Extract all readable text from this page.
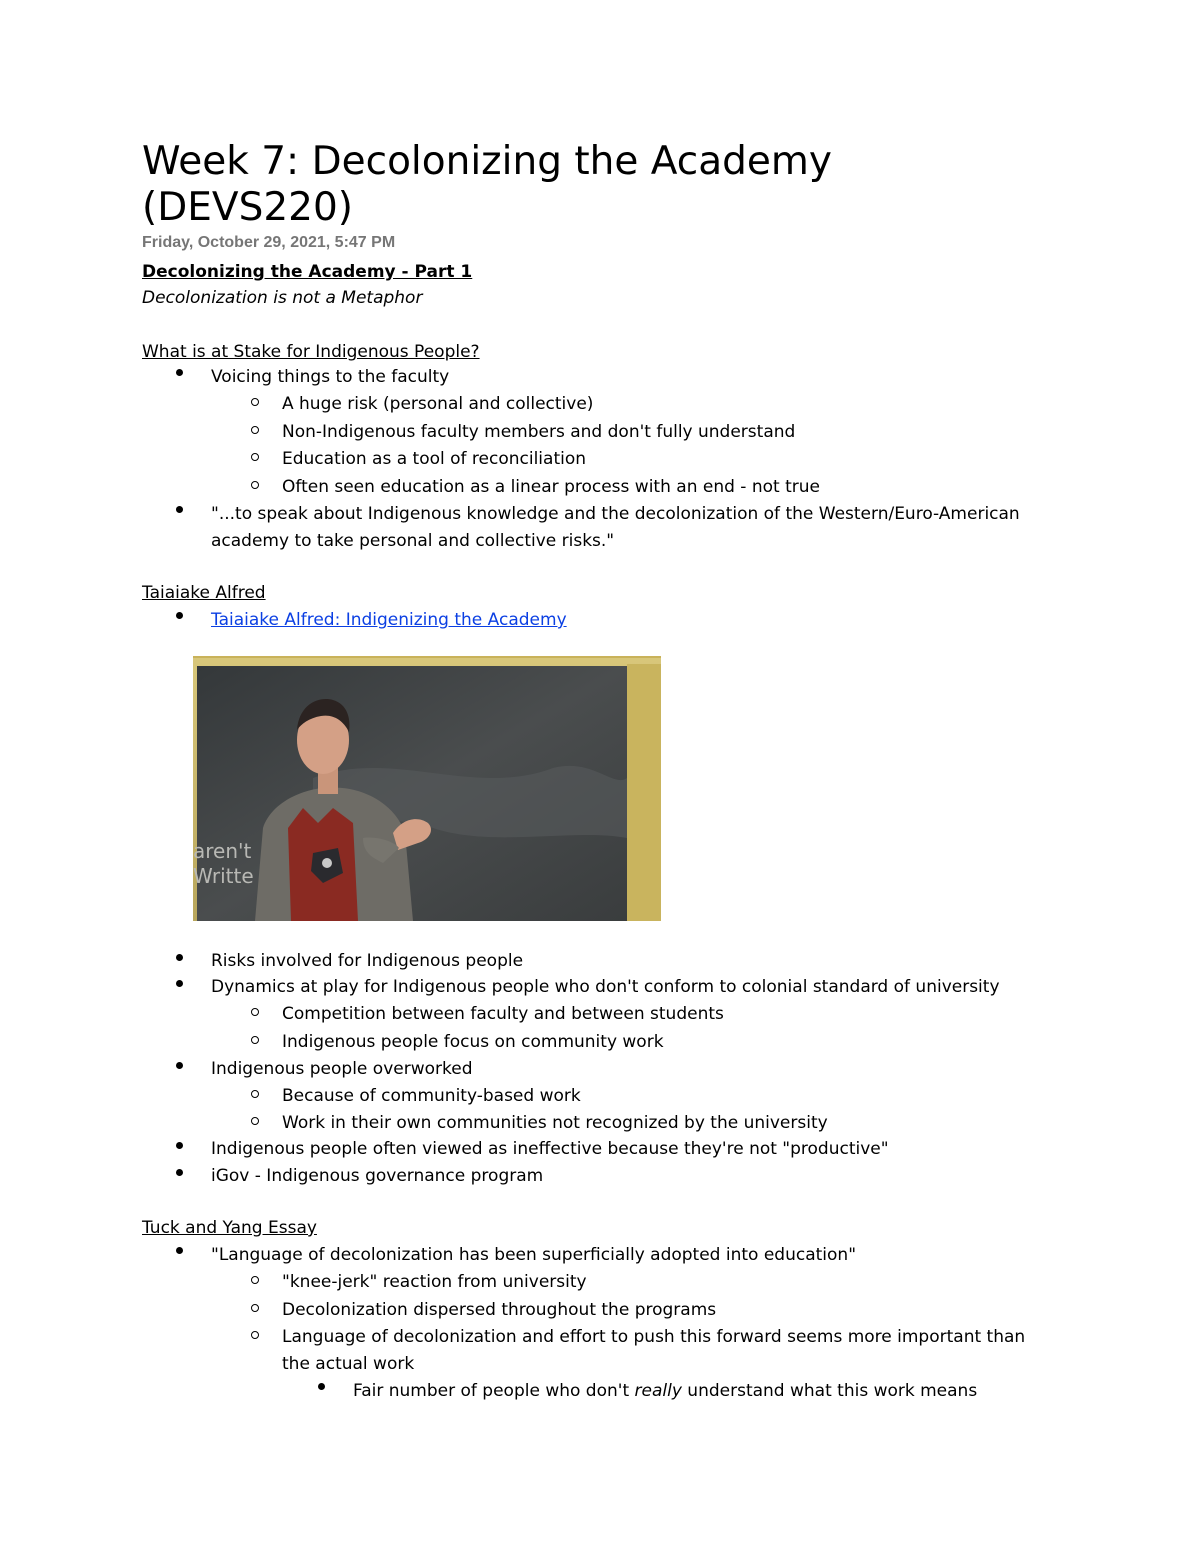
Week 7: Decolonizing the Academy
(DEVS220)
Friday, October 29, 2021, 5:47 PM
Decolonizing the Academy - Part 1
Decolonization is not a Metaphor
What is at Stake for Indigenous People?
Voicing things to the faculty
A huge risk (personal and collective)
Non-Indigenous faculty members and don't fully understand
Education as a tool of reconciliation
Often seen education as a linear process with an end - not true
"...to speak about Indigenous knowledge and the decolonization of the Western/Euro-American
academy to take personal and collective risks."
Taiaiake Alfred
Taiaiake Alfred: Indigenizing the Academy
aren't
Writte
Risks involved for Indigenous people
Dynamics at play for Indigenous people who don't conform to colonial standard of university
Competition between faculty and between students
Indigenous people focus on community work
Indigenous people overworked
Because of community-based work
Work in their own communities not recognized by the university
Indigenous people often viewed as ineffective because they're not "productive"
iGov - Indigenous governance program
Tuck and Yang Essay
"Language of decolonization has been superficially adopted into education"
"knee-jerk" reaction from university
Decolonization dispersed throughout the programs
Language of decolonization and effort to push this forward seems more important than
the actual work
Fair number of people who don't really understand what this work means
